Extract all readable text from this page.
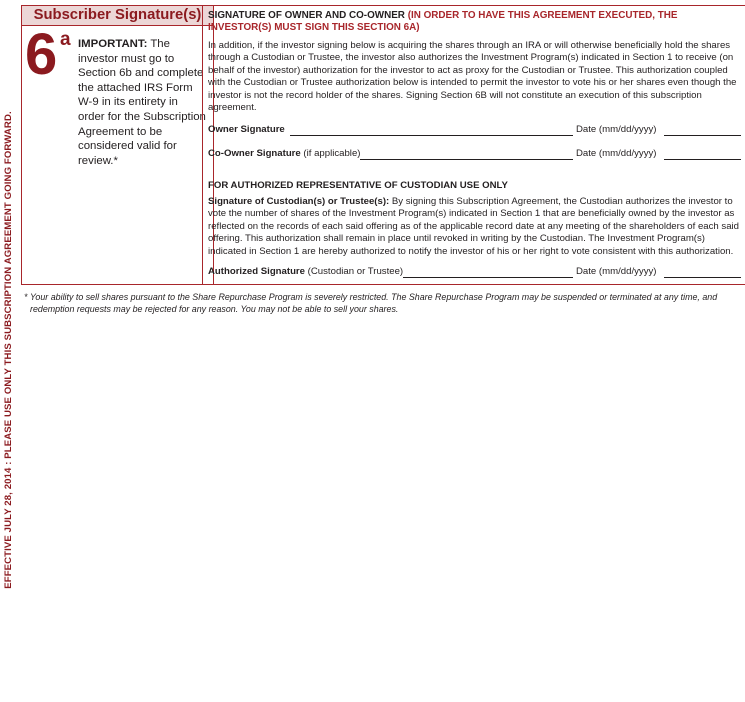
EFFECTIVE JULY 28, 2014 : PLEASE USE ONLY THIS SUBSCRIPTION AGREEMENT GOING FORWARD.
Subscriber Signature(s)
6 a IMPORTANT: The investor must go to Section 6b and complete the attached IRS Form W-9 in its entirety in order for the Subscription Agreement to be considered valid for review.*
SIGNATURE OF OWNER AND CO-OWNER (IN ORDER TO HAVE THIS AGREEMENT EXECUTED, THE INVESTOR(S) MUST SIGN THIS SECTION 6A)
In addition, if the investor signing below is acquiring the shares through an IRA or will otherwise beneficially hold the shares through a Custodian or Trustee, the investor also authorizes the Investment Program(s) indicated in Section 1 to receive (on behalf of the investor) authorization for the investor to act as proxy for the Custodian or Trustee. This authorization coupled with the Custodian or Trustee authorization below is intended to permit the investor to vote his or her shares even though the investor is not the record holder of the shares. Signing Section 6B will not constitute an execution of this subscription agreement.
Owner Signature	Date (mm/dd/yyyy)
Co-Owner Signature (if applicable)	Date (mm/dd/yyyy)
FOR AUTHORIZED REPRESENTATIVE OF CUSTODIAN USE ONLY
Signature of Custodian(s) or Trustee(s): By signing this Subscription Agreement, the Custodian authorizes the investor to vote the number of shares of the Investment Program(s) indicated in Section 1 that are beneficially owned by the investor as reflected on the records of each said offering as of the applicable record date at any meeting of the shareholders of each said offering. This authorization shall remain in place until revoked in writing by the Custodian. The Investment Program(s) indicated in Section 1 are hereby authorized to notify the investor of his or her right to vote consistent with this authorization.
Authorized Signature (Custodian or Trustee)	Date (mm/dd/yyyy)
* Your ability to sell shares pursuant to the Share Repurchase Program is severely restricted. The Share Repurchase Program may be suspended or terminated at any time, and redemption requests may be rejected for any reason. You may not be able to sell your shares.
